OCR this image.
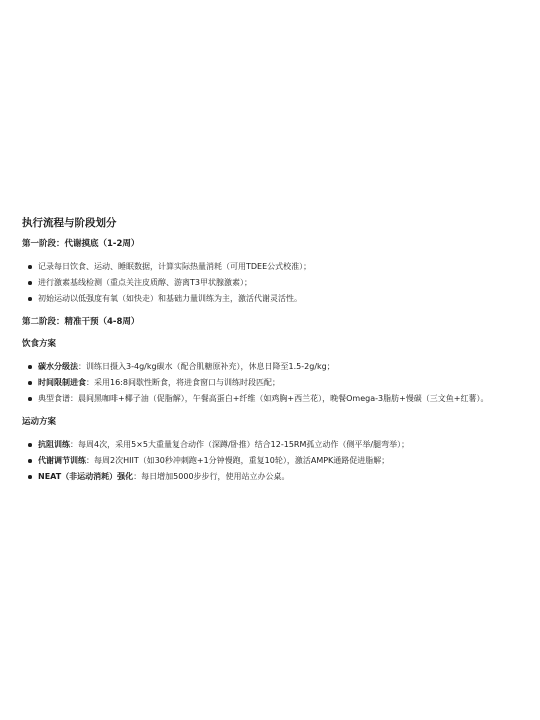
执行流程与阶段划分
第一阶段：代谢摸底（1-2周）
记录每日饮食、运动、睡眠数据，计算实际热量消耗（可用TDEE公式校准）；
进行激素基线检测（重点关注皮质醇、游离T3甲状腺激素）；
初始运动以低强度有氧（如快走）和基础力量训练为主，激活代谢灵活性。
第二阶段：精准干预（4-8周）
饮食方案
碳水分级法：训练日摄入3-4g/kg碳水（配合肌糖原补充），休息日降至1.5-2g/kg；
时间限制进食：采用16:8间歇性断食，将进食窗口与训练时段匹配；
典型食谱：晨间黑咖啡+椰子油（促脂解），午餐高蛋白+纤维（如鸡胸+西兰花），晚餐Omega-3脂肪+慢碳（三文鱼+红薯）。
运动方案
抗阻训练：每周4次，采用5×5大重量复合动作（深蹲/卧推）结合12-15RM孤立动作（侧平举/腿弯举）；
代谢调节训练：每周2次HIIT（如30秒冲刺跑+1分钟慢跑，重复10轮），激活AMPK通路促进脂解；
NEAT（非运动消耗）强化：每日增加5000步步行，使用站立办公桌。
